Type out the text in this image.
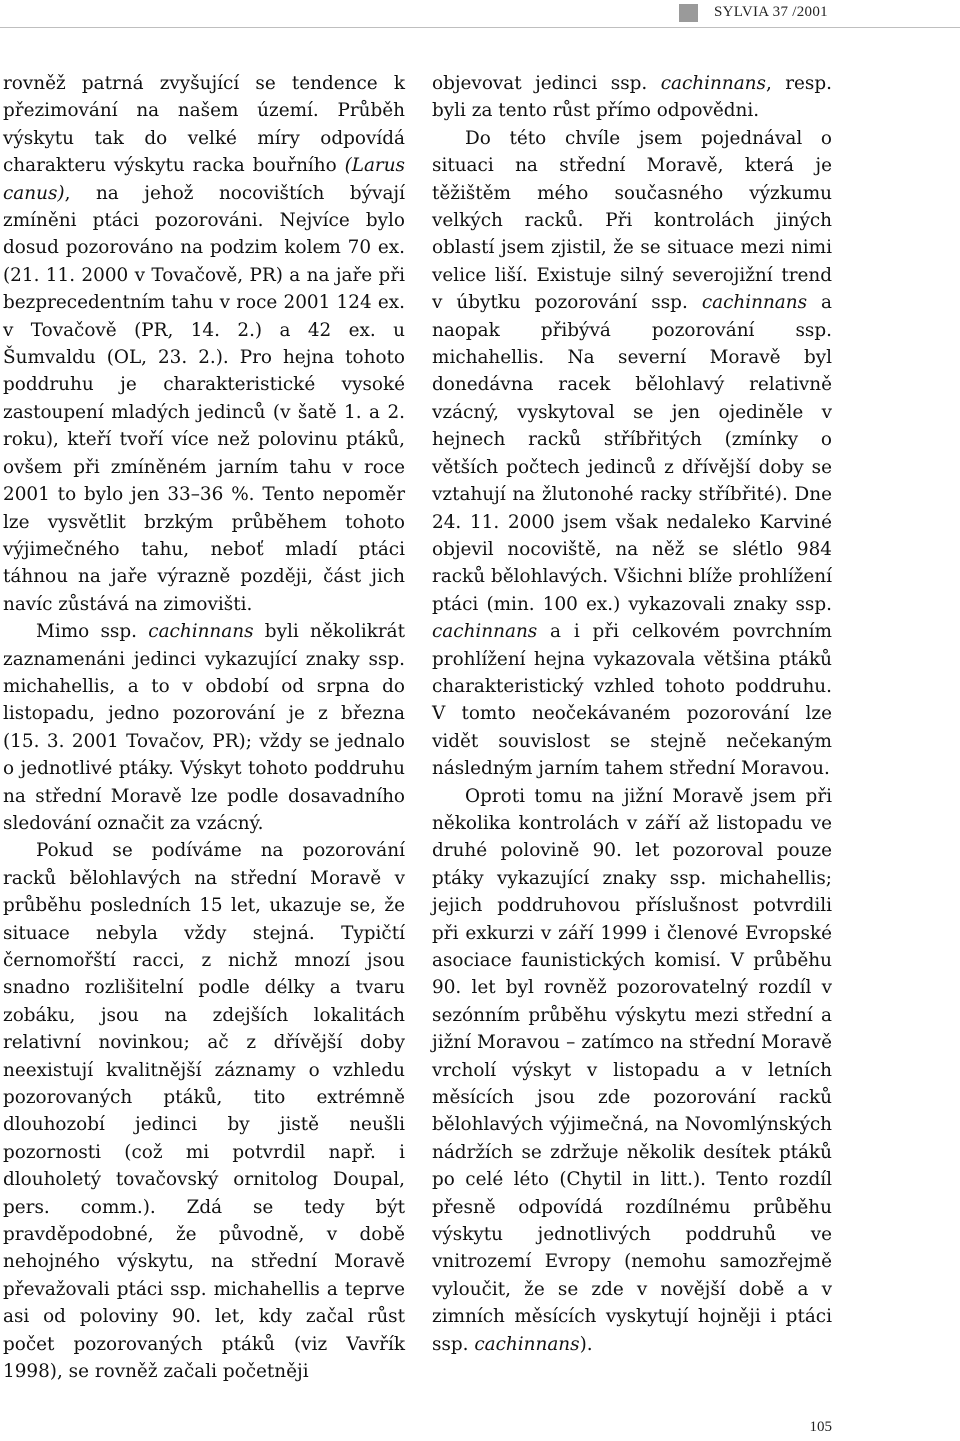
SYLVIA 37 /2001

rovněž patrná zvyšující se tendence k přezimování na našem území. Průběh výskytu tak do velké míry odpovídá charakteru výskytu racka bouřního (Larus canus), na jehož nocovištích bývají zmíněni ptáci pozorováni. Nejvíce bylo dosud pozorováno na podzim kolem 70 ex. (21. 11. 2000 v Tovačově, PR) a na jaře při bezprecedentním tahu v roce 2001 124 ex. v Tovačově (PR, 14. 2.) a 42 ex. u Šumvaldu (OL, 23. 2.). Pro hejna tohoto poddruhu je charakteristické vysoké zastoupení mladých jedinců (v šatě 1. a 2. roku), kteří tvoří více než polovinu ptáků, ovšem při zmíněném jarním tahu v roce 2001 to bylo jen 33–36 %. Tento nepoměr lze vysvětlit brzkým průběhem tohoto výjimečného tahu, neboť mladí ptáci táhnou na jaře výrazně později, část jich navíc zůstává na zimovišti.

Mimo ssp. cachinnans byli několikrát zaznamenáni jedinci vykazující znaky ssp. michahellis, a to v období od srpna do listopadu, jedno pozorování je z března (15. 3. 2001 Tovačov, PR); vždy se jednalo o jednotlivé ptáky. Výskyt tohoto poddruhu na střední Moravě lze podle dosavadního sledování označit za vzácný.

Pokud se podíváme na pozorování racků bělohlavých na střední Moravě v průběhu posledních 15 let, ukazuje se, že situace nebyla vždy stejná. Typičtí černomořští racci, z nichž mnozí jsou snadno rozlišitelní podle délky a tvaru zobáku, jsou na zdejších lokalitách relativní novinkou; ač z dřívější doby neexistují kvalitnější záznamy o vzhledu pozorovaných ptáků, tito extrémně dlouhozobí jedinci by jistě neušli pozornosti (což mi potvrdil např. i dlouholetý tovačovský ornitolog Doupal, pers. comm.). Zdá se tedy být pravděpodobné, že původně, v době nehojného výskytu, na střední Moravě převažovali ptáci ssp. michahellis a teprve asi od poloviny 90. let, kdy začal růst počet pozorovaných ptáků (viz Vavřík 1998), se rovněž začali početněji

objevovat jedinci ssp. cachinnans, resp. byli za tento růst přímo odpovědni.

Do této chvíle jsem pojednával o situaci na střední Moravě, která je těžištěm mého současného výzkumu velkých racků. Při kontrolách jiných oblastí jsem zjistil, že se situace mezi nimi velice liší. Existuje silný severojižní trend v úbytku pozorování ssp. cachinnans a naopak přibývá pozorování ssp. michahellis. Na severní Moravě byl donedávna racek bělohlavý relativně vzácný, vyskytoval se jen ojediněle v hejnech racků stříbřitých (zmínky o větších počtech jedinců z dřívější doby se vztahují na žlutonohé racky stříbřité). Dne 24. 11. 2000 jsem však nedaleko Karviné objevil nocoviště, na něž se slétlo 984 racků bělohlavých. Všichni blíže prohlížení ptáci (min. 100 ex.) vykazovali znaky ssp. cachinnans a i při celkovém povrchním prohlížení hejna vykazovala většina ptáků charakteristický vzhled tohoto poddruhu. V tomto neočekávaném pozorování lze vidět souvislost se stejně nečekaným následným jarním tahem střední Moravou.

Oproti tomu na jižní Moravě jsem při několika kontrolách v září až listopadu ve druhé polovině 90. let pozoroval pouze ptáky vykazující znaky ssp. michahellis; jejich poddruhovou příslušnost potvrdili při exkurzi v září 1999 i členové Evropské asociace faunistických komisí. V průběhu 90. let byl rovněž pozorovatelný rozdíl v sezónním průběhu výskytu mezi střední a jižní Moravou – zatímco na střední Moravě vrcholí výskyt v listopadu a v letních měsících jsou zde pozorování racků bělohlavých výjimečná, na Novomlýnských nádržích se zdržuje několik desítek ptáků po celé léto (Chytil in litt.). Tento rozdíl přesně odpovídá rozdílnému průběhu výskytu jednotlivých poddruhů ve vnitrozemí Evropy (nemohu samozřejmě vyloučit, že se zde v novější době a v zimních měsících vyskytují hojněji i ptáci ssp. cachinnans).

105
